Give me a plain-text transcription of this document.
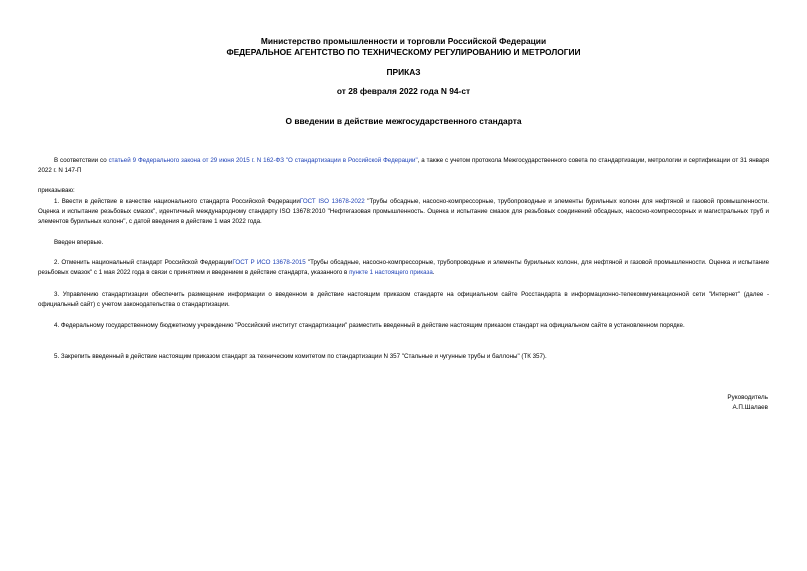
Министерство промышленности и торговли Российской Федерации
ФЕДЕРАЛЬНОЕ АГЕНТСТВО ПО ТЕХНИЧЕСКОМУ РЕГУЛИРОВАНИЮ И МЕТРОЛОГИИ
ПРИКАЗ
от 28 февраля 2022 года N 94-ст
О введении в действие межгосударственного стандарта
В соответствии со статьей 9 Федерального закона от 29 июня 2015 г. N 162-ФЗ "О стандартизации в Российской Федерации", а также с учетом протокола Межгосударственного совета по стандартизации, метрологии и сертификации от 31 января 2022 г. N 147-П
приказываю:
1. Ввести в действие в качестве национального стандарта Российской ФедерацииГОСТ ISO 13678-2022 "Трубы обсадные, насосно-компрессорные, трубопроводные и элементы бурильных колонн для нефтяной и газовой промышленности. Оценка и испытание резьбовых смазок", идентичный международному стандарту ISO 13678:2010 "Нефтегазовая промышленность. Оценка и испытание смазок для резьбовых соединений обсадных, насосно-компрессорных и магистральных труб и элементов бурильных колонн", с датой введения в действие 1 мая 2022 года.
Введен впервые.
2. Отменить национальный стандарт Российской ФедерацииГОСТ Р ИСО 13678-2015 "Трубы обсадные, насосно-компрессорные, трубопроводные и элементы бурильных колонн, для нефтяной и газовой промышленности. Оценка и испытание резьбовых смазок" с 1 мая 2022 года в связи с принятием и введением в действие стандарта, указанного в пункте 1 настоящего приказа.
3. Управлению стандартизации обеспечить размещение информации о введенном в действие настоящим приказом стандарте на официальном сайте Росстандарта в информационно-телекоммуникационной сети "Интернет" (далее - официальный сайт) с учетом законодательства о стандартизации.
4. Федеральному государственному бюджетному учреждению "Российский институт стандартизации" разместить введенный в действие настоящим приказом стандарт на официальном сайте в установленном порядке.
5. Закрепить введенный в действие настоящим приказом стандарт за техническим комитетом по стандартизации N 357 "Стальные и чугунные трубы и баллоны" (ТК 357).
Руководитель
А.П.Шалаев
